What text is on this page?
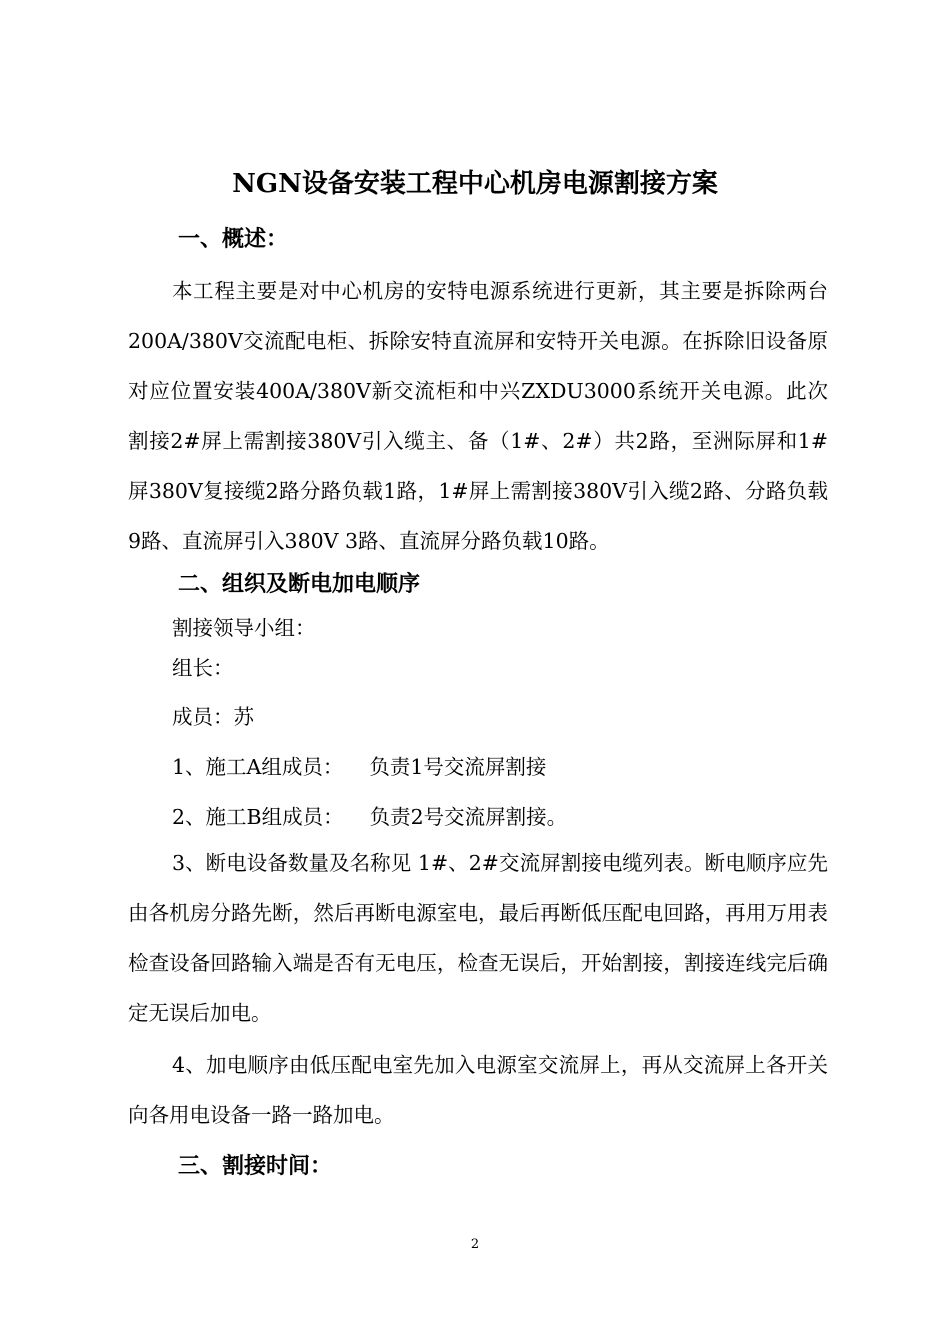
NGN设备安装工程中心机房电源割接方案
一、概述：

本工程主要是对中心机房的安特电源系统进行更新，其主要是拆除两台200A/380V交流配电柜、拆除安特直流屏和安特开关电源。在拆除旧设备原对应位置安装400A/380V新交流柜和中兴ZXDU3000系统开关电源。此次割接2#屏上需割接380V引入缆主、备（1#、2#）共2路，至洲际屏和1#屏380V复接缆2路分路负载1路，1#屏上需割接380V引入缆2路、分路负载9路、直流屏引入380V 3路、直流屏分路负载10路。

二、组织及断电加电顺序
割接领导小组：
组长：
成员：苏
1、施工A组成员： 负责1号交流屏割接
2、施工B组成员： 负责2号交流屏割接。

3、断电设备数量及名称见 1#、2#交流屏割接电缆列表。断电顺序应先由各机房分路先断，然后再断电源室电，最后再断低压配电回路，再用万用表检查设备回路输入端是否有无电压，检查无误后，开始割接，割接连线完后确定无误后加电。

4、加电顺序由低压配电室先加入电源室交流屏上，再从交流屏上各开关向各用电设备一路一路加电。

三、割接时间：
2
